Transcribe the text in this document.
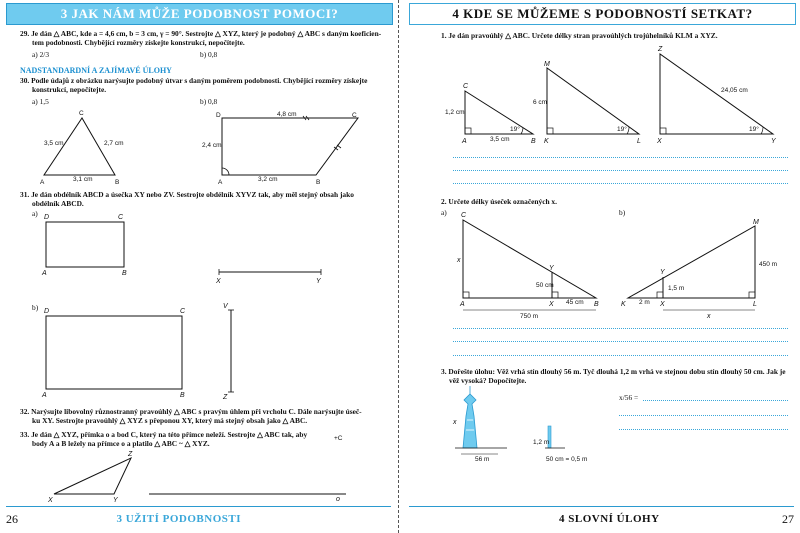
3 JAK NÁM MŮŽE PODOBNOST POMOCI?
29. Je dán △ ABC, kde a = 4,6 cm, b = 3 cm, γ = 90°. Sestrojte △ XYZ, který je podobný △ ABC s daným koeficien-
tem podobnosti. Chybějící rozměry získejte konstrukcí, nepočítejte.
a) 2/3	b) 0,8
NADSTANDARDNÍ A ZAJÍMAVÉ ÚLOHY
30. Podle údajů z obrázku narýsujte podobný útvar s daným poměrem podobnosti. Chybějící rozměry získejte
konstrukcí, nepočítejte.
a) 1,5	b) 0,8
A	B
C
3,5 cm	2,7 cm
3,1 cm	A	B
C
D	4,8 cm
2,4 cm
3,2 cm
A	B
C
D
X	Y
A	B
C
D
V
Z
X	Y
Z
o
+C
a)
b)
31. Je dán obdélník ABCD a úsečka XY nebo ZV. Sestrojte obdélník XYVZ tak, aby měl stejný obsah jako
obdélník ABCD.
32. Narýsujte libovolný různostranný pravoúhlý △ ABC s pravým úhlem při vrcholu C. Dále narýsujte úseč-
ku XY. Sestrojte pravoúhlý △ XYZ s přeponou XY, který má stejný obsah jako △ ABC.
33. Je dán △ XYZ, přímka o a bod C, který na této přímce neleží. Sestrojte △ ABC tak, aby
body A a B ležely na přímce o a platilo △ ABC ~ △ XYZ.
26	3 UŽITÍ PODOBNOSTI
4 KDE SE MŮŽEME S PODOBNOSTÍ SETKAT?
1. Je dán pravoúhlý △ ABC. Určete délky stran pravoúhlých trojúhelníků KLM a XYZ.
A	B
C
1,2 cm
3,5 cm
19°
K	L
M
6 cm
19°
X	Y
Z
24,05 cm
19°
A	B
C
X
Y
x
50 cm
45 cm
750 m
K	L
M
X
Y
1,5 m
2 m
450 m
x
x
56 m
1,2 m
50 cm = 0,5 m
a)	b)
2. Určete délky úseček označených x.
3. Dořešte úlohu: Věž vrhá stín dlouhý 56 m. Tyč dlouhá 1,2 m vrhá ve stejnou dobu stín dlouhý 50 cm. Jak je
věž vysoká? Dopočítejte.
x/56 =
4 SLOVNÍ ÚLOHY	27
